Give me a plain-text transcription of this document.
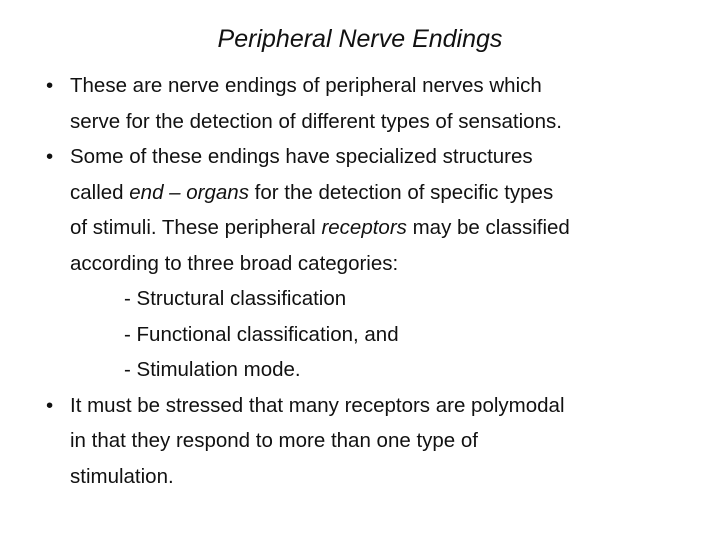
Peripheral Nerve Endings
• These are nerve endings of peripheral nerves which
serve for the detection of different types of sensations.
• Some of these endings have specialized structures
called end – organs for the detection of specific types
of stimuli. These peripheral receptors may be classified
according to three broad categories:
- Structural classification
- Functional classification, and
- Stimulation mode.
• It must be stressed that many receptors are polymodal
in that they respond to more than one type of
stimulation.
